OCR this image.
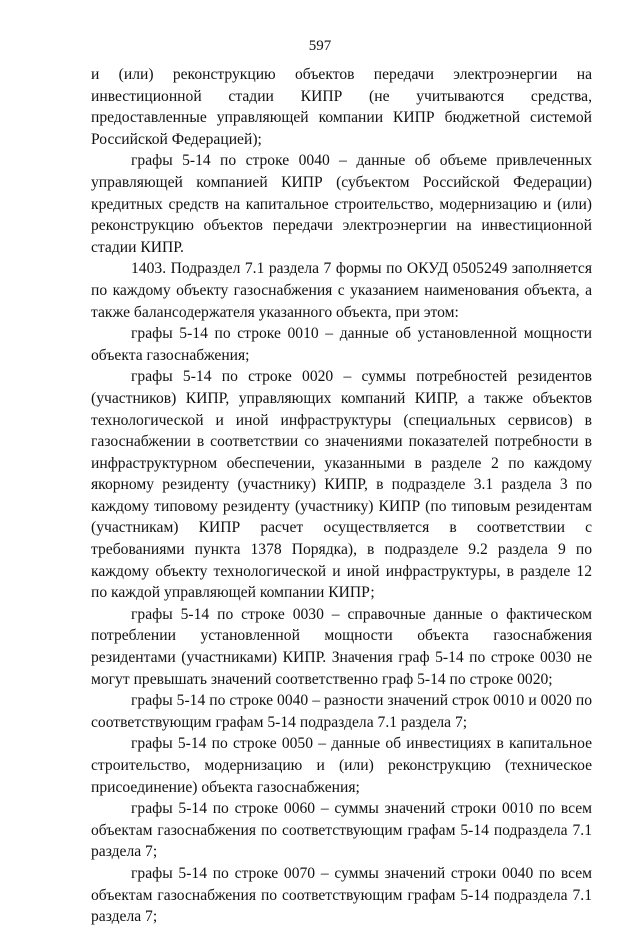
597

и (или) реконструкцию объектов передачи электроэнергии на инвестиционной стадии КИПР (не учитываются средства, предоставленные управляющей компании КИПР бюджетной системой Российской Федерацией);

графы 5-14 по строке 0040 – данные об объеме привлеченных управляющей компанией КИПР (субъектом Российской Федерации) кредитных средств на капитальное строительство, модернизацию и (или) реконструкцию объектов передачи электроэнергии на инвестиционной стадии КИПР.

1403. Подраздел 7.1 раздела 7 формы по ОКУД 0505249 заполняется по каждому объекту газоснабжения с указанием наименования объекта, а также балансодержателя указанного объекта, при этом:

графы 5-14 по строке 0010 – данные об установленной мощности объекта газоснабжения;

графы 5-14 по строке 0020 – суммы потребностей резидентов (участников) КИПР, управляющих компаний КИПР, а также объектов технологической и иной инфраструктуры (специальных сервисов) в газоснабжении в соответствии со значениями показателей потребности в инфраструктурном обеспечении, указанными в разделе 2 по каждому якорному резиденту (участнику) КИПР, в подразделе 3.1 раздела 3 по каждому типовому резиденту (участнику) КИПР (по типовым резидентам (участникам) КИПР расчет осуществляется в соответствии с требованиями пункта 1378 Порядка), в подразделе 9.2 раздела 9 по каждому объекту технологической и иной инфраструктуры, в разделе 12 по каждой управляющей компании КИПР;

графы 5-14 по строке 0030 – справочные данные о фактическом потреблении установленной мощности объекта газоснабжения резидентами (участниками) КИПР. Значения граф 5-14 по строке 0030 не могут превышать значений соответственно граф 5-14 по строке 0020;

графы 5-14 по строке 0040 – разности значений строк 0010 и 0020 по соответствующим графам 5-14 подраздела 7.1 раздела 7;

графы 5-14 по строке 0050 – данные об инвестициях в капитальное строительство, модернизацию и (или) реконструкцию (техническое присоединение) объекта газоснабжения;

графы 5-14 по строке 0060 – суммы значений строки 0010 по всем объектам газоснабжения по соответствующим графам 5-14 подраздела 7.1 раздела 7;

графы 5-14 по строке 0070 – суммы значений строки 0040 по всем объектам газоснабжения по соответствующим графам 5-14 подраздела 7.1 раздела 7;
